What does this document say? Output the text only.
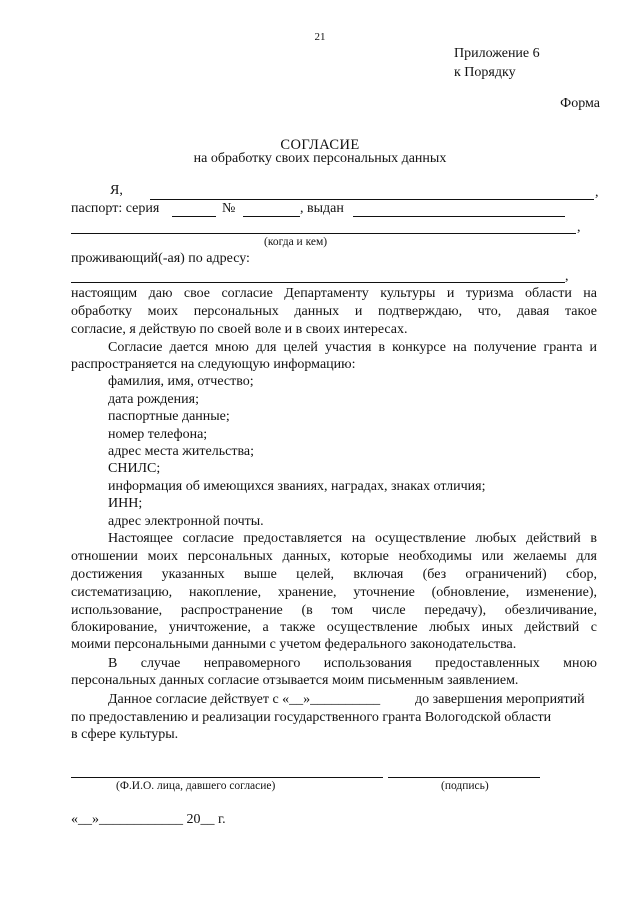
21
Приложение 6
к Порядку
Форма
СОГЛАСИЕ
на обработку своих персональных данных
Я,	,
паспорт: серия	№	, выдан
,
(когда и кем)
проживающий(-ая) по адресу:
,
настоящим даю свое согласие Департаменту культуры и туризма области на
обработку моих персональных данных и подтверждаю, что, давая такое
согласие, я действую по своей воле и в своих интересах.
Согласие дается мною для целей участия в конкурсе на получение гранта и
распространяется на следующую информацию:
фамилия, имя, отчество;
дата рождения;
паспортные данные;
номер телефона;
адрес места жительства;
СНИЛС;
информация об имеющихся званиях, наградах, знаках отличия;
ИНН;
адрес электронной почты.
Настоящее согласие предоставляется на осуществление любых действий в
отношении моих персональных данных, которые необходимы или желаемы для
достижения указанных выше целей, включая (без ограничений) сбор,
систематизацию, накопление, хранение, уточнение (обновление, изменение),
использование, распространение (в том числе передачу), обезличивание,
блокирование, уничтожение, а также осуществление любых иных действий с
моими персональными данными с учетом федерального законодательства.
В случае неправомерного использования предоставленных мною
персональных данных согласие отзывается моим письменным заявлением.
Данное согласие действует с «__»__________ до завершения мероприятий
по предоставлению и реализации государственного гранта Вологодской области
в сфере культуры.
(Ф.И.О. лица, давшего согласие)	(подпись)
«__»____________ 20__ г.
